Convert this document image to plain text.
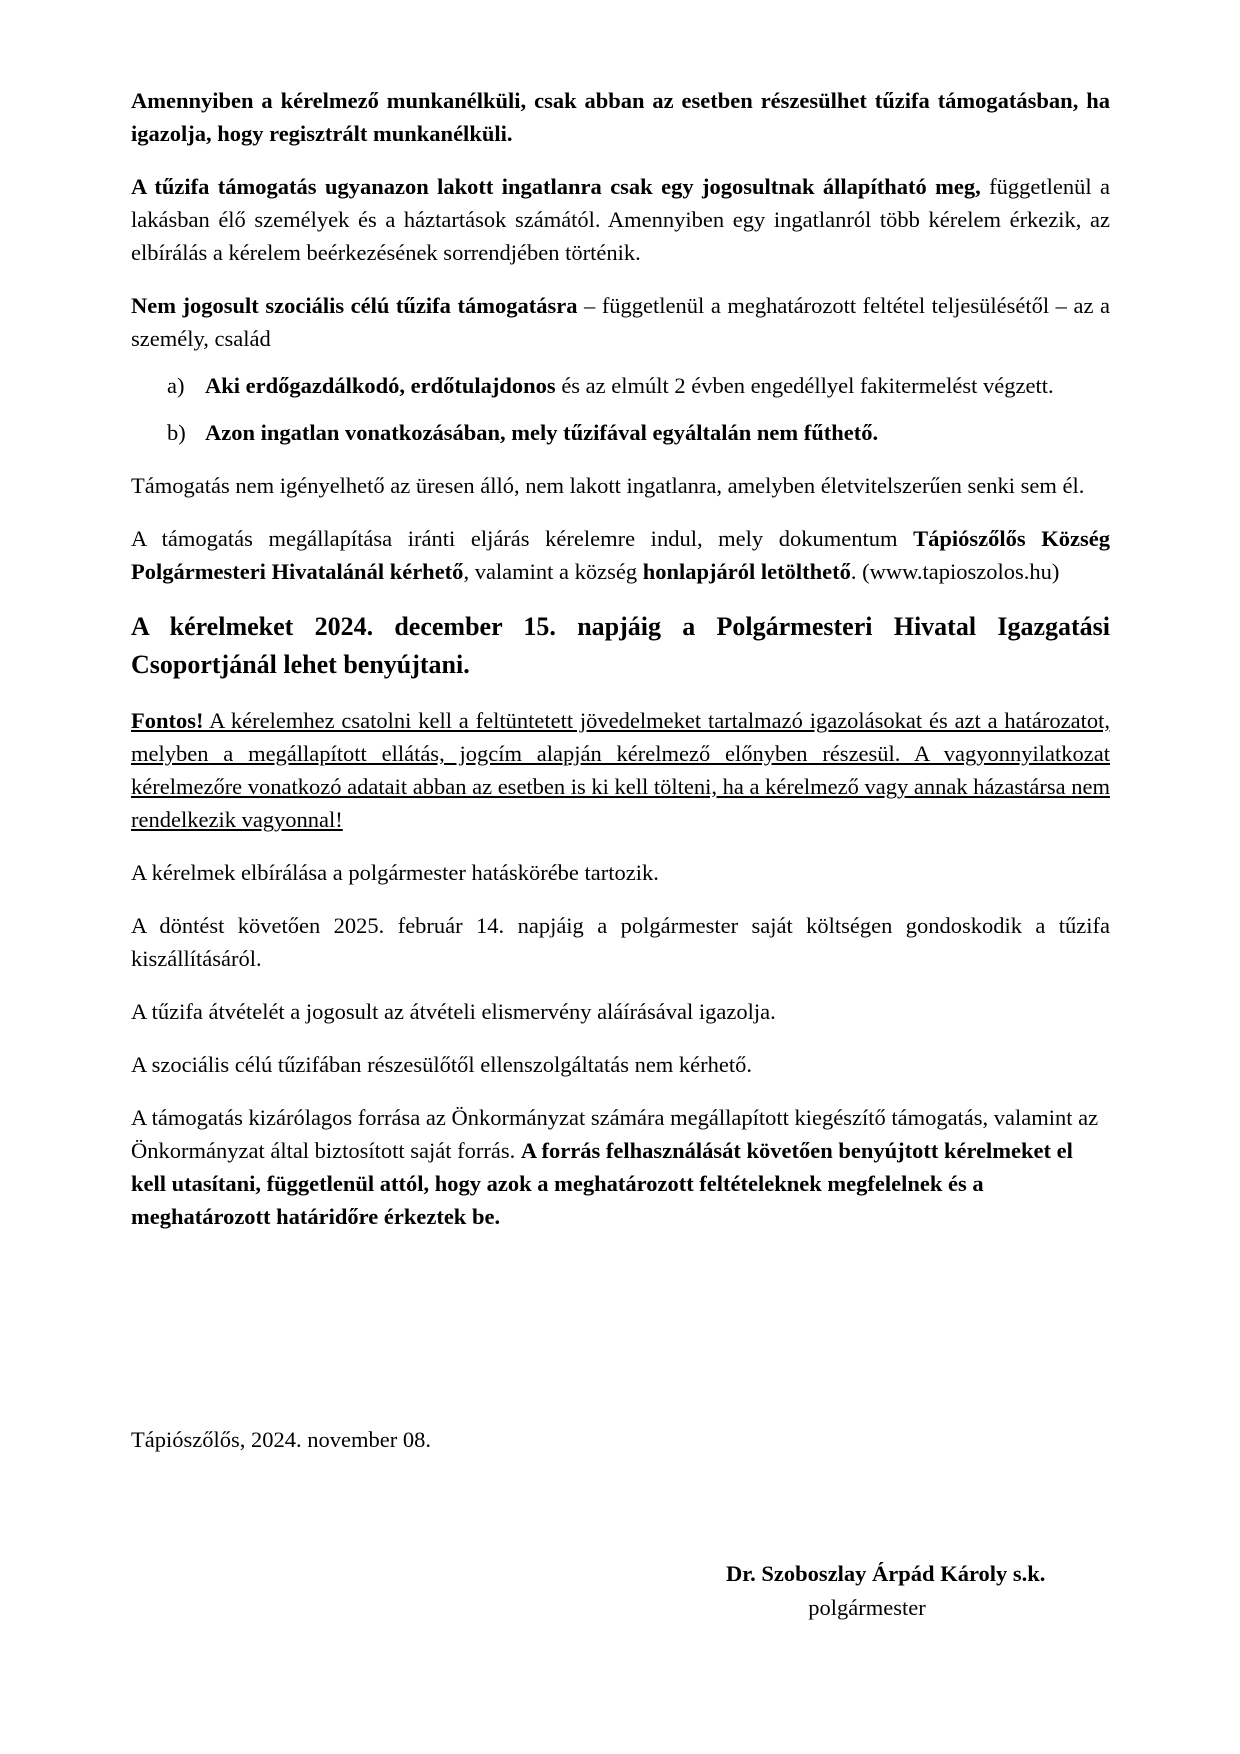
Amennyiben a kérelmező munkanélküli, csak abban az esetben részesülhet tűzifa támogatásban, ha igazolja, hogy regisztrált munkanélküli.

A tűzifa támogatás ugyanazon lakott ingatlanra csak egy jogosultnak állapítható meg, függetlenül a lakásban élő személyek és a háztartások számától. Amennyiben egy ingatlanról több kérelem érkezik, az elbírálás a kérelem beérkezésének sorrendjében történik.

Nem jogosult szociális célú tűzifa támogatásra – függetlenül a meghatározott feltétel teljesülésétől – az a személy, család

a) Aki erdőgazdálkodó, erdőtulajdonos és az elmúlt 2 évben engedéllyel fakitermelést végzett.
b) Azon ingatlan vonatkozásában, mely tűzifával egyáltalán nem fűthető.

Támogatás nem igényelhető az üresen álló, nem lakott ingatlanra, amelyben életvitelszerűen senki sem él.

A támogatás megállapítása iránti eljárás kérelemre indul, mely dokumentum Tápiószőlős Község Polgármesteri Hivatalánál kérhető, valamint a község honlapjáról letölthető. (www.tapioszolos.hu)

A kérelmeket 2024. december 15. napjáig a Polgármesteri Hivatal Igazgatási Csoportjánál lehet benyújtani.

Fontos! A kérelemhez csatolni kell a feltüntetett jövedelmeket tartalmazó igazolásokat és azt a határozatot, melyben a megállapított ellátás, jogcím alapján kérelmező előnyben részesül. A vagyonnyilatkozat kérelmezőre vonatkozó adatait abban az esetben is ki kell tölteni, ha a kérelmező vagy annak házastársa nem rendelkezik vagyonnal!

A kérelmek elbírálása a polgármester hatáskörébe tartozik.

A döntést követően 2025. február 14. napjáig a polgármester saját költségen gondoskodik a tűzifa kiszállításáról.

A tűzifa átvételét a jogosult az átvételi elismervény aláírásával igazolja.

A szociális célú tűzifában részesülőtől ellenszolgáltatás nem kérhető.

A támogatás kizárólagos forrása az Önkormányzat számára megállapított kiegészítő támogatás, valamint az Önkormányzat által biztosított saját forrás. A forrás felhasználását követően benyújtott kérelmeket el kell utasítani, függetlenül attól, hogy azok a meghatározott feltételeknek megfelelnek és a meghatározott határidőre érkeztek be.

Tápiószőlős, 2024. november 08.
Dr. Szoboszlay Árpád Károly s.k.
polgármester
